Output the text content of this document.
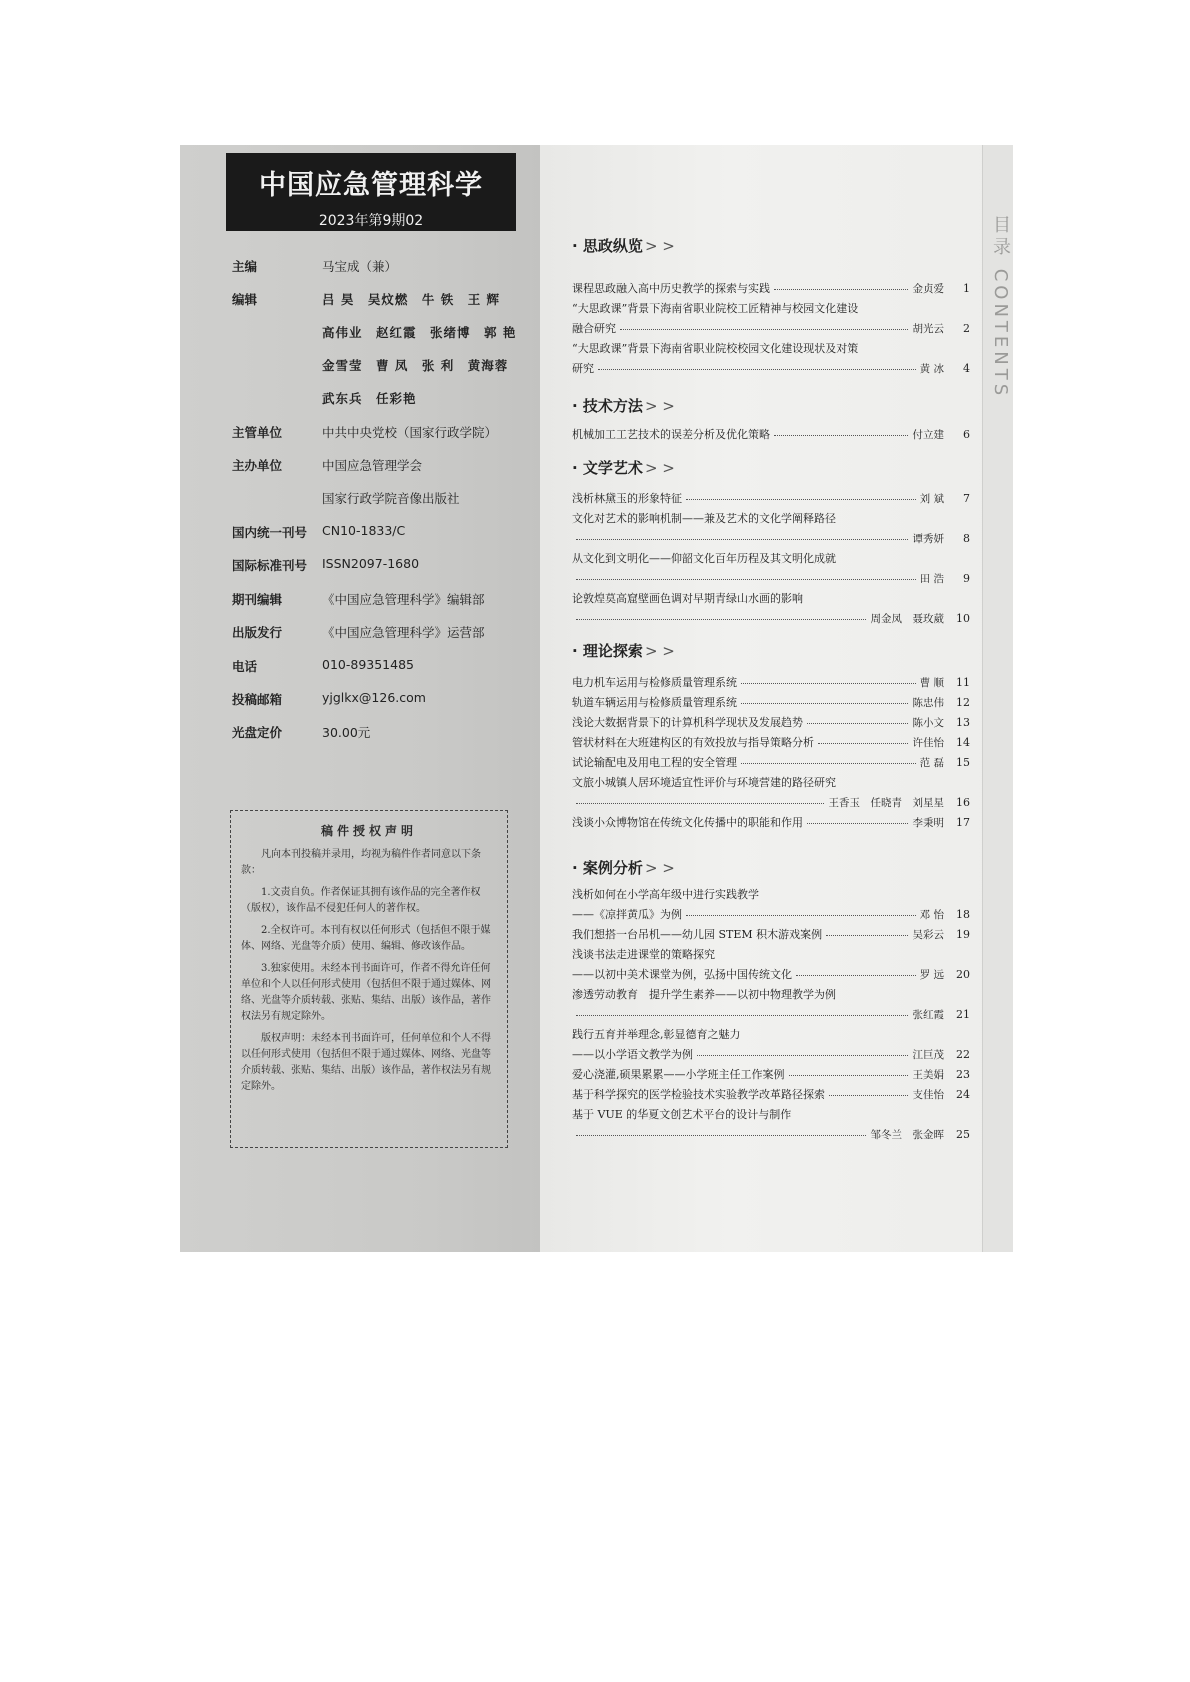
中国应急管理科学
2023年第9期02
主编	马宝成（兼）
编辑	吕 昊　吴炆燃　牛 铁　王 辉
高伟业　赵红霞　张绪博　郭 艳
金雪莹　曹 凤　张 利　黄海蓉
武东兵　任彩艳
主管单位	中共中央党校（国家行政学院）
主办单位	中国应急管理学会
国家行政学院音像出版社
国内统一刊号	CN10-1833/C
国际标准刊号	ISSN2097-1680
期刊编辑	《中国应急管理科学》编辑部
出版发行	《中国应急管理科学》运营部
电话	010-89351485
投稿邮箱	yjglkx@126.com
光盘定价	30.00元
稿件授权声明

凡向本刊投稿并录用，均视为稿件作者同意以下条款：

1.文责自负。作者保证其拥有该作品的完全著作权（版权），该作品不侵犯任何人的著作权。

2.全权许可。本刊有权以任何形式（包括但不限于媒体、网络、光盘等介质）使用、编辑、修改该作品。

3.独家使用。未经本刊书面许可，作者不得允许任何单位和个人以任何形式使用（包括但不限于通过媒体、网络、光盘等介质转载、张贴、集结、出版）该作品，著作权法另有规定除外。

版权声明：未经本刊书面许可，任何单位和个人不得以任何形式使用（包括但不限于通过媒体、网络、光盘等介质转载、张贴、集结、出版）该作品，著作权法另有规定除外。

目录 CONTENTS
· 思政纵览 > >
· 技术方法 > >
· 文学艺术 > >
· 理论探索 > >
· 案例分析 > >
课程思政融入高中历史教学的探索与实践	金贞爱	1
“大思政课”背景下海南省职业院校工匠精神与校园文化建设
融合研究	胡光云	2
“大思政课”背景下海南省职业院校校园文化建设现状及对策
研究	黄 冰	4
机械加工工艺技术的误差分析及优化策略	付立建	6
浅析林黛玉的形象特征	刘 斌	7
文化对艺术的影响机制——兼及艺术的文化学阐释路径
谭秀妍	8
从文化到文明化——仰韶文化百年历程及其文明化成就
田 浩	9
论敦煌莫高窟壁画色调对早期青绿山水画的影响
周金凤　聂玫葳	10
电力机车运用与检修质量管理系统	曹 顺	11
轨道车辆运用与检修质量管理系统	陈忠伟	12
浅论大数据背景下的计算机科学现状及发展趋势	陈小文	13
管状材料在大班建构区的有效投放与指导策略分析	许佳怡	14
试论输配电及用电工程的安全管理	范 磊	15
文旅小城镇人居环境适宜性评价与环境营建的路径研究
王香玉　任晓青　刘星星	16
浅谈小众博物馆在传统文化传播中的职能和作用	李秉明	17
浅析如何在小学高年级中进行实践教学
——《凉拌黄瓜》为例	邓 怡	18
我们想搭一台吊机——幼儿园 STEM 积木游戏案例	吴彩云	19
浅谈书法走进课堂的策略探究
——以初中美术课堂为例，弘扬中国传统文化	罗 远	20
渗透劳动教育　提升学生素养——以初中物理教学为例
张红霞	21
践行五育并举理念,彰显德育之魅力
——以小学语文教学为例	江巨茂	22
爱心浇灌,硕果累累——小学班主任工作案例	王美娟	23
基于科学探究的医学检验技术实验教学改革路径探索	支佳怡	24
基于 VUE 的华夏文创艺术平台的设计与制作
邹冬兰　张金晖	25
